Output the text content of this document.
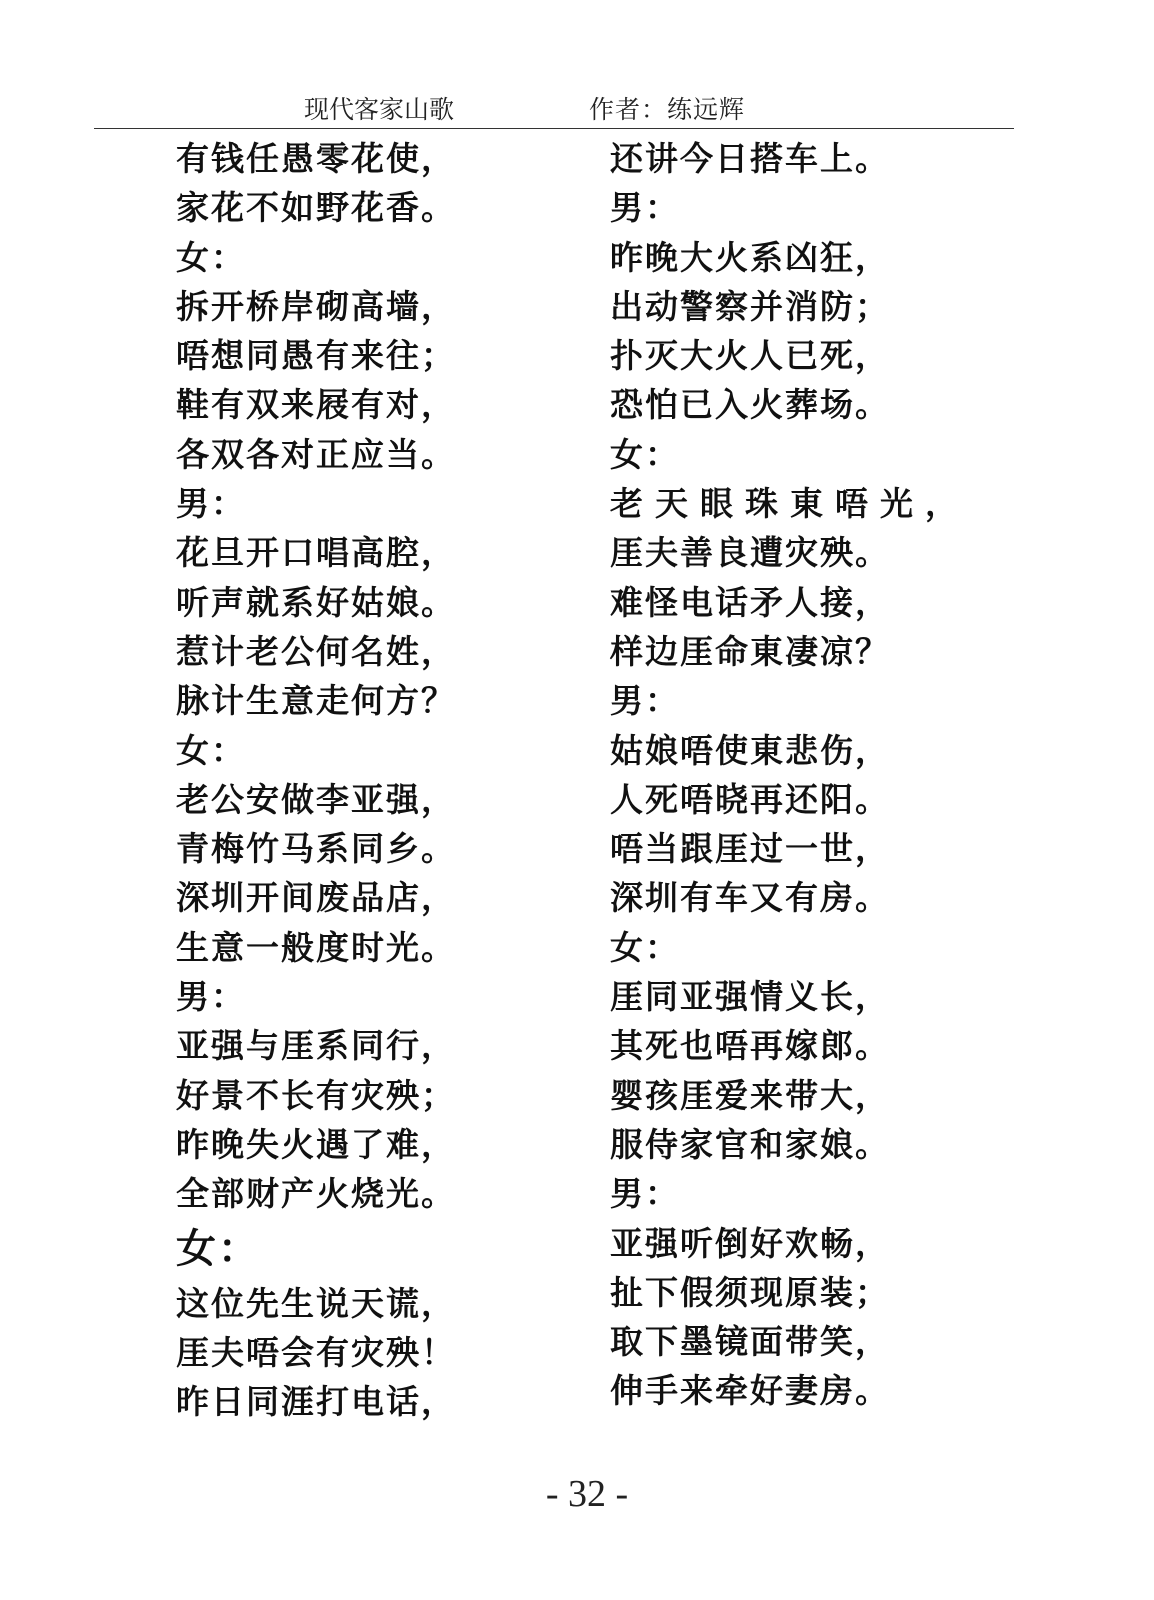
现代客家山歌	作者：练远辉
有钱任愚零花使，
家花不如野花香。
女：
拆开桥岸砌高墙，
唔想同愚有来往；
鞋有双来屐有对，
各双各对正应当。
男：
花旦开口唱高腔，
听声就系好姑娘。
惹计老公何名姓，
脉计生意走何方？
女：
老公安做李亚强，
青梅竹马系同乡。
深圳开间废品店，
生意一般度时光。
男：
亚强与厓系同行，
好景不长有灾殃；
昨晚失火遇了难，
全部财产火烧光。
女：
这位先生说天谎，
厓夫唔会有灾殃！
昨日同涯打电话，
还讲今日搭车上。
男：
昨晚大火系凶狂，
出动警察并消防；
扑灭大火人已死，
恐怕已入火葬场。
女：
老天眼珠東唔光，
厓夫善良遭灾殃。
难怪电话矛人接，
样边厓命東凄凉？
男：
姑娘唔使東悲伤，
人死唔晓再还阳。
唔当跟厓过一世，
深圳有车又有房。
女：
厓同亚强情义长，
其死也唔再嫁郎。
婴孩厓爱来带大，
服侍家官和家娘。
男：
亚强听倒好欢畅，
扯下假须现原装；
取下墨镜面带笑，
伸手来牵好妻房。
- 32 -
